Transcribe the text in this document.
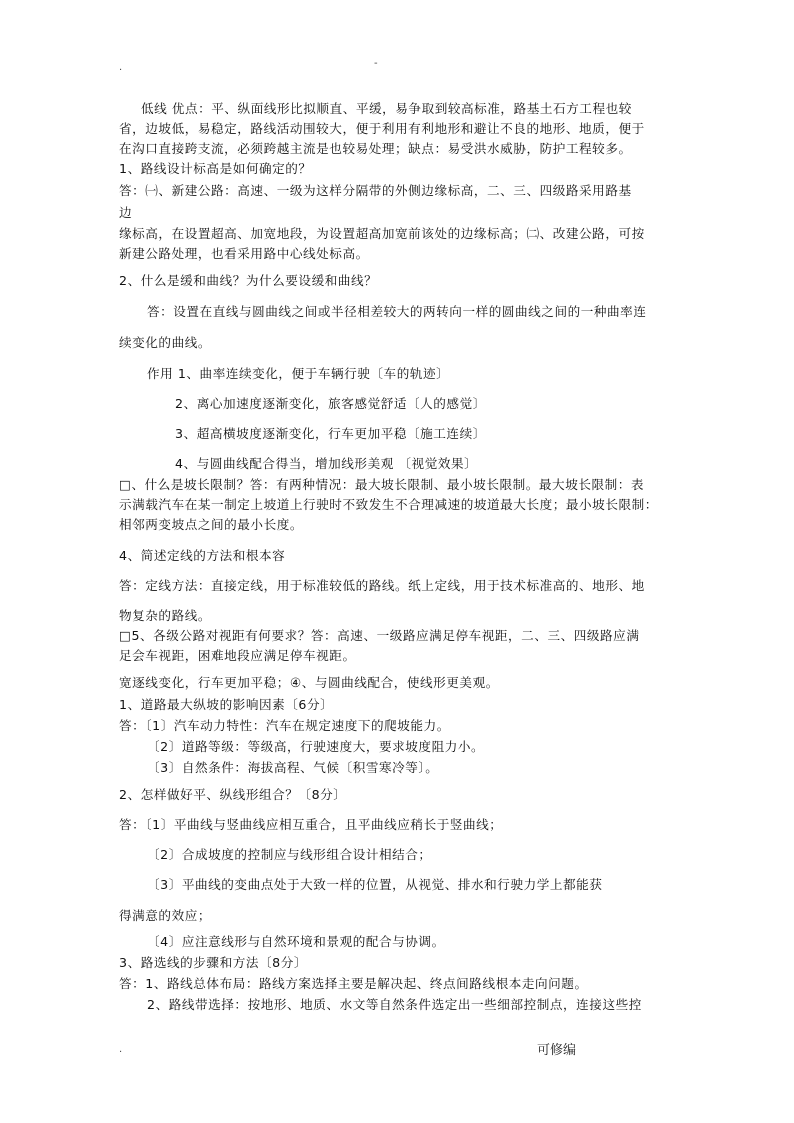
.	-
低线 优点：平、纵面线形比拟顺直、平缓，易争取到较高标准，路基土石方工程也较
省，边坡低，易稳定，路线活动围较大，便于利用有利地形和避让不良的地形、地质，便于
在沟口直接跨支流，必须跨越主流是也较易处理；缺点：易受洪水威胁，防护工程较多。
1、路线设计标高是如何确定的？
答：㈠、新建公路：高速、一级为这样分隔带的外侧边缘标高，二、三、四级路采用路基
边
缘标高，在设置超高、加宽地段，为设置超高加宽前该处的边缘标高；㈡、改建公路，可按
新建公路处理，也看采用路中心线处标高。
2、什么是缓和曲线？为什么要设缓和曲线？
答：设置在直线与圆曲线之间或半径相差较大的两转向一样的圆曲线之间的一种曲率连
续变化的曲线。
作用 1、曲率连续变化，便于车辆行驶〔车的轨迹〕
2、离心加速度逐渐变化，旅客感觉舒适〔人的感觉〕
3、超高横坡度逐渐变化，行车更加平稳〔施工连续〕
4、与圆曲线配合得当，增加线形美观 〔视觉效果〕
□、什么是坡长限制？答：有两种情况：最大坡长限制、最小坡长限制。最大坡长限制：表
示满载汽车在某一制定上坡道上行驶时不致发生不合理减速的坡道最大长度；最小坡长限制：
相邻两变坡点之间的最小长度。
4、简述定线的方法和根本容
答：定线方法：直接定线，用于标准较低的路线。纸上定线，用于技术标准高的、地形、地
物复杂的路线。
□5、各级公路对视距有何要求？答：高速、一级路应满足停车视距，二、三、四级路应满
足会车视距，困难地段应满足停车视距。
宽逐线变化，行车更加平稳；④、与圆曲线配合，使线形更美观。
1、道路最大纵坡的影响因素〔6分〕
答：〔1〕汽车动力特性：汽车在规定速度下的爬坡能力。
〔2〕道路等级：等级高，行驶速度大，要求坡度阻力小。
〔3〕自然条件：海拔高程、气候〔积雪寒冷等〕。
2、怎样做好平、纵线形组合？〔8分〕
答：〔1〕平曲线与竖曲线应相互重合，且平曲线应稍长于竖曲线；
〔2〕合成坡度的控制应与线形组合设计相结合；
〔3〕平曲线的变曲点处于大致一样的位置，从视觉、排水和行驶力学上都能获
得满意的效应；
〔4〕应注意线形与自然环境和景观的配合与协调。
3、路选线的步骤和方法〔8分〕
答：1、路线总体布局：路线方案选择主要是解决起、终点间路线根本走向问题。
2、路线带选择：按地形、地质、水文等自然条件选定出一些细部控制点，连接这些控
.	可修编
